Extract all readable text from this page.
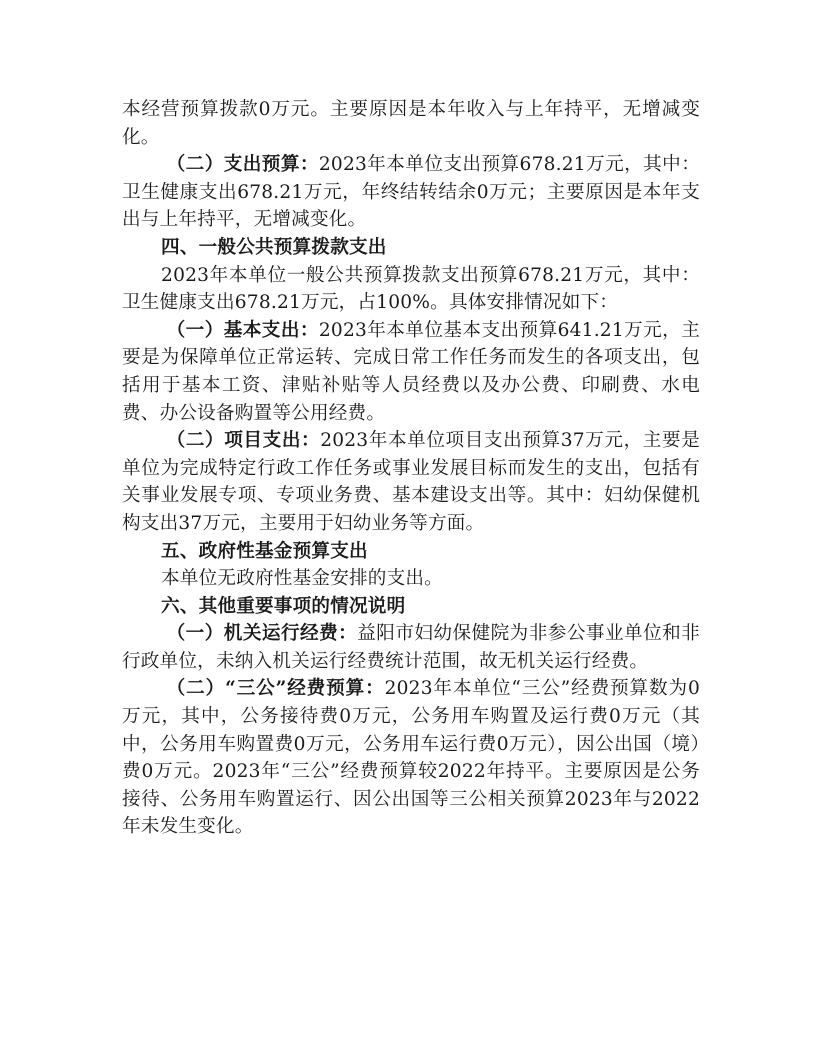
本经营预算拨款0万元。主要原因是本年收入与上年持平，无增减变化。

（二）支出预算：2023年本单位支出预算678.21万元，其中：卫生健康支出678.21万元，年终结转结余0万元；主要原因是本年支出与上年持平，无增减变化。

四、一般公共预算拨款支出

2023年本单位一般公共预算拨款支出预算678.21万元，其中：卫生健康支出678.21万元，占100%。具体安排情况如下：

（一）基本支出：2023年本单位基本支出预算641.21万元，主要是为保障单位正常运转、完成日常工作任务而发生的各项支出，包括用于基本工资、津贴补贴等人员经费以及办公费、印刷费、水电费、办公设备购置等公用经费。

（二）项目支出：2023年本单位项目支出预算37万元，主要是单位为完成特定行政工作任务或事业发展目标而发生的支出，包括有关事业发展专项、专项业务费、基本建设支出等。其中：妇幼保健机构支出37万元，主要用于妇幼业务等方面。

五、政府性基金预算支出

本单位无政府性基金安排的支出。

六、其他重要事项的情况说明

（一）机关运行经费：益阳市妇幼保健院为非参公事业单位和非行政单位，未纳入机关运行经费统计范围，故无机关运行经费。

（二）“三公”经费预算：2023年本单位“三公”经费预算数为0万元，其中，公务接待费0万元，公务用车购置及运行费0万元（其中，公务用车购置费0万元，公务用车运行费0万元），因公出国（境）费0万元。2023年“三公”经费预算较2022年持平。主要原因是公务接待、公务用车购置运行、因公出国等三公相关预算2023年与2022年未发生变化。
